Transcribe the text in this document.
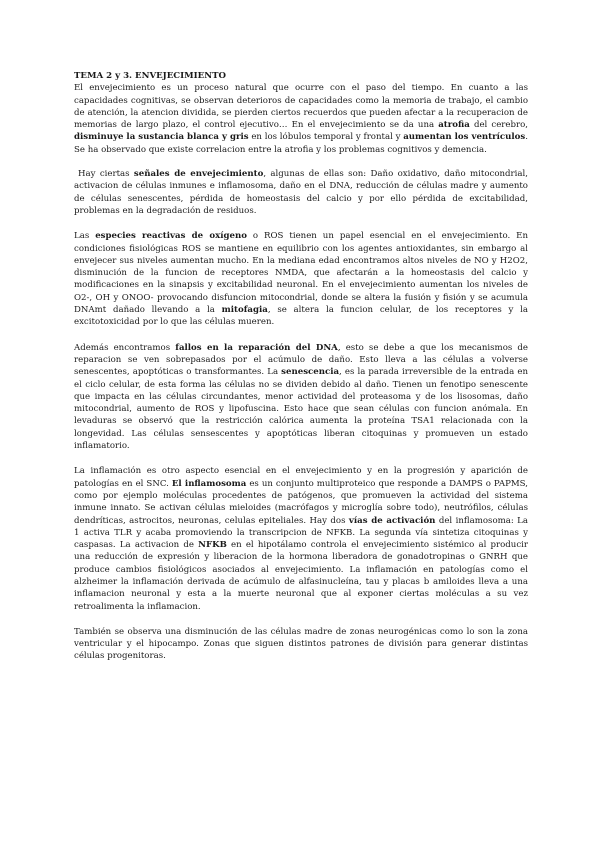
TEMA 2 y 3. ENVEJECIMIENTO

El envejecimiento es un proceso natural que ocurre con el paso del tiempo. En cuanto a las capacidades cognitivas, se observan deterioros de capacidades como la memoria de trabajo, el cambio de atención, la atencion dividida, se pierden ciertos recuerdos que pueden afectar a la recuperacion de memorias de largo plazo, el control ejecutivo… En el envejecimiento se da una atrofia del cerebro, disminuye la sustancia blanca y gris en los lóbulos temporal y frontal y aumentan los ventrículos. Se ha observado que existe correlacion entre la atrofia y los problemas cognitivos y demencia.

Hay ciertas señales de envejecimiento, algunas de ellas son: Daño oxidativo, daño mitocondrial, activacion de células inmunes e inflamosoma, daño en el DNA, reducción de células madre y aumento de células senescentes, pérdida de homeostasis del calcio y por ello pérdida de excitabilidad, problemas en la degradación de residuos.

Las especies reactivas de oxígeno o ROS tienen un papel esencial en el envejecimiento. En condiciones fisiológicas ROS se mantiene en equilibrio con los agentes antioxidantes, sin embargo al envejecer sus niveles aumentan mucho. En la mediana edad encontramos altos niveles de NO y H2O2, disminución de la funcion de receptores NMDA, que afectarán a la homeostasis del calcio y modificaciones en la sinapsis y excitabilidad neuronal. En el envejecimiento aumentan los niveles de O2-, OH y ONOO- provocando disfuncion mitocondrial, donde se altera la fusión y fisión y se acumula DNAmt dañado llevando a la mitofagia, se altera la funcion celular, de los receptores y la excitotoxicidad por lo que las células mueren.

Además encontramos fallos en la reparación del DNA, esto se debe a que los mecanismos de reparacion se ven sobrepasados por el acúmulo de daño. Esto lleva a las células a volverse senescentes, apoptóticas o transformantes. La senescencia, es la parada irreversible de la entrada en el ciclo celular, de esta forma las células no se dividen debido al daño. Tienen un fenotipo senescente que impacta en las células circundantes, menor actividad del proteasoma y de los lisosomas, daño mitocondrial, aumento de ROS y lipofuscina. Esto hace que sean células con funcion anómala. En levaduras se observó que la restricción calórica aumenta la proteína TSA1 relacionada con la longevidad. Las células sensescentes y apoptóticas liberan citoquinas y promueven un estado inflamatorio.

La inflamación es otro aspecto esencial en el envejecimiento y en la progresión y aparición de patologías en el SNC. El inflamosoma es un conjunto multiproteico que responde a DAMPS o PAPMS, como por ejemplo moléculas procedentes de patógenos, que promueven la actividad del sistema inmune innato. Se activan células mieloides (macrófagos y microglía sobre todo), neutrófilos, células dendríticas, astrocitos, neuronas, celulas epiteliales. Hay dos vías de activación del inflamosoma: La 1 activa TLR y acaba promoviendo la transcripcion de NFKB. La segunda vía sintetiza citoquinas y caspasas. La activacion de NFKB en el hipotálamo controla el envejecimiento sistémico al producir una reducción de expresión y liberacion de la hormona liberadora de gonadotropinas o GNRH que produce cambios fisiológicos asociados al envejecimiento. La inflamación en patologías como el alzheimer la inflamación derivada de acúmulo de alfasinucleína, tau y placas b amiloides lleva a una inflamacion neuronal y esta a la muerte neuronal que al exponer ciertas moléculas a su vez retroalimenta la inflamacion.

También se observa una disminución de las células madre de zonas neurogénicas como lo son la zona ventricular y el hipocampo. Zonas que siguen distintos patrones de división para generar distintas células progenitoras.
